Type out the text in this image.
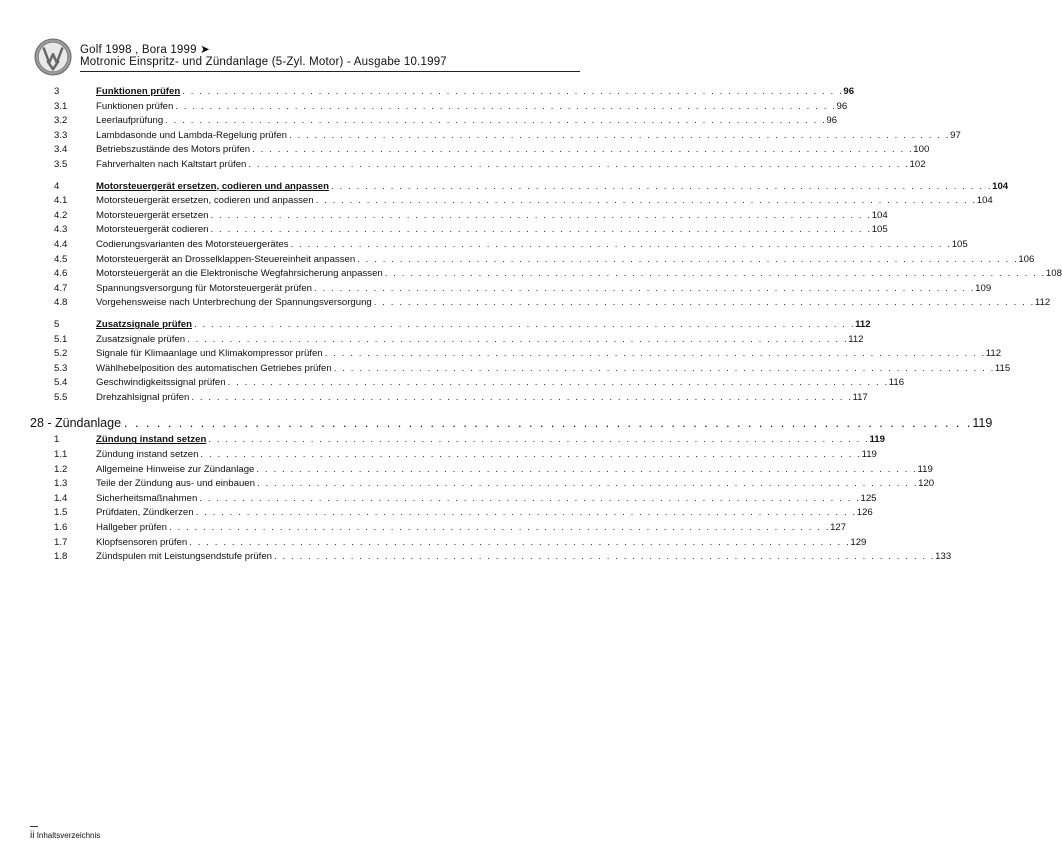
Golf 1998 , Bora 1999 ➤
Motronic Einspritz- und Zündanlage (5-Zyl. Motor) - Ausgabe 10.1997
3	Funktionen prüfen . . . . . . . . . . . . . . . . . . . . . . . . . . . . . . . . . . . . . . . . . . . . . . . . . . . . . . . . . . . . . . . . . . . . . . . . . . . . . . 96
3.1	Funktionen prüfen . . . . . . . . . . . . . . . . . . . . . . . . . . . . . . . . . . . . . . . . . . . . . . . . . . . . . . . . . . . . . . . . . . . . . . . . . . . . . . 96
3.2	Leerlaufprüfung . . . . . . . . . . . . . . . . . . . . . . . . . . . . . . . . . . . . . . . . . . . . . . . . . . . . . . . . . . . . . . . . . . . . . . . . . . . . . . 96
3.3	Lambdasonde und Lambda-Regelung prüfen . . . . . . . . . . . . . . . . . . . . . . . . . . . . . . . . . . . . . . . . . . . . . . . . . . . . . . . . . . . . . . . . . . . . . . . . . . . . . . 97
3.4	Betriebszustände des Motors prüfen . . . . . . . . . . . . . . . . . . . . . . . . . . . . . . . . . . . . . . . . . . . . . . . . . . . . . . . . . . . . . . . . . . . . . . . . . . . . . . 100
3.5	Fahrverhalten nach Kaltstart prüfen . . . . . . . . . . . . . . . . . . . . . . . . . . . . . . . . . . . . . . . . . . . . . . . . . . . . . . . . . . . . . . . . . . . . . . . . . . . . . . 102
4	Motorsteuergerät ersetzen, codieren und anpassen . . . . . . . . . . . . . . . . . . . . . . . . . . . . . . . . . . . . . . . . . . . . . . . . . . . . . . . . . . . . . . . . . . . . . . . . . . . . . . 104
4.1	Motorsteuergerät ersetzen, codieren und anpassen . . . . . . . . . . . . . . . . . . . . . . . . . . . . . . . . . . . . . . . . . . . . . . . . . . . . . . . . . . . . . . . . . . . . . . . . . . . . . . 104
4.2	Motorsteuergerät ersetzen . . . . . . . . . . . . . . . . . . . . . . . . . . . . . . . . . . . . . . . . . . . . . . . . . . . . . . . . . . . . . . . . . . . . . . . . . . . . . . 104
4.3	Motorsteuergerät codieren . . . . . . . . . . . . . . . . . . . . . . . . . . . . . . . . . . . . . . . . . . . . . . . . . . . . . . . . . . . . . . . . . . . . . . . . . . . . . . 105
4.4	Codierungsvarianten des Motorsteuergerätes . . . . . . . . . . . . . . . . . . . . . . . . . . . . . . . . . . . . . . . . . . . . . . . . . . . . . . . . . . . . . . . . . . . . . . . . . . . . . . 105
4.5	Motorsteuergerät an Drosselklappen-Steuereinheit anpassen . . . . . . . . . . . . . . . . . . . . . . . . . . . . . . . . . . . . . . . . . . . . . . . . . . . . . . . . . . . . . . . . . . . . . . . . . . . . . . 106
4.6	Motorsteuergerät an die Elektronische Wegfahrsicherung anpassen . . . . . . . . . . . . . . . . . . . . . . . . . . . . . . . . . . . . . . . . . . . . . . . . . . . . . . . . . . . . . . . . . . . . . . . . . . . . . . 108
4.7	Spannungsversorgung für Motorsteuergerät prüfen . . . . . . . . . . . . . . . . . . . . . . . . . . . . . . . . . . . . . . . . . . . . . . . . . . . . . . . . . . . . . . . . . . . . . . . . . . . . . . 109
4.8	Vorgehensweise nach Unterbrechung der Spannungsversorgung . . . . . . . . . . . . . . . . . . . . . . . . . . . . . . . . . . . . . . . . . . . . . . . . . . . . . . . . . . . . . . . . . . . . . . . . . . . . . . 112
5	Zusatzsignale prüfen . . . . . . . . . . . . . . . . . . . . . . . . . . . . . . . . . . . . . . . . . . . . . . . . . . . . . . . . . . . . . . . . . . . . . . . . . . . . . . 112
5.1	Zusatzsignale prüfen . . . . . . . . . . . . . . . . . . . . . . . . . . . . . . . . . . . . . . . . . . . . . . . . . . . . . . . . . . . . . . . . . . . . . . . . . . . . . . 112
5.2	Signale für Klimaanlage und Klimakompressor prüfen . . . . . . . . . . . . . . . . . . . . . . . . . . . . . . . . . . . . . . . . . . . . . . . . . . . . . . . . . . . . . . . . . . . . . . . . . . . . . . 112
5.3	Wählhebelposition des automatischen Getriebes prüfen . . . . . . . . . . . . . . . . . . . . . . . . . . . . . . . . . . . . . . . . . . . . . . . . . . . . . . . . . . . . . . . . . . . . . . . . . . . . . . 115
5.4	Geschwindigkeitssignal prüfen . . . . . . . . . . . . . . . . . . . . . . . . . . . . . . . . . . . . . . . . . . . . . . . . . . . . . . . . . . . . . . . . . . . . . . . . . . . . . . 116
5.5	Drehzahlsignal prüfen . . . . . . . . . . . . . . . . . . . . . . . . . . . . . . . . . . . . . . . . . . . . . . . . . . . . . . . . . . . . . . . . . . . . . . . . . . . . . . 117
28 - Zündanlage . . . . . . . . . . . . . . . . . . . . . . . . . . . . . . . . . . . . . . . . . . . . . . . . . . . . . . . . . . . . . . . . . . . . . . . . . . . . . . 119
1	Zündung instand setzen . . . . . . . . . . . . . . . . . . . . . . . . . . . . . . . . . . . . . . . . . . . . . . . . . . . . . . . . . . . . . . . . . . . . . . . . . . . . . . 119
1.1	Zündung instand setzen . . . . . . . . . . . . . . . . . . . . . . . . . . . . . . . . . . . . . . . . . . . . . . . . . . . . . . . . . . . . . . . . . . . . . . . . . . . . . . 119
1.2	Allgemeine Hinweise zur Zündanlage . . . . . . . . . . . . . . . . . . . . . . . . . . . . . . . . . . . . . . . . . . . . . . . . . . . . . . . . . . . . . . . . . . . . . . . . . . . . . . 119
1.3	Teile der Zündung aus- und einbauen . . . . . . . . . . . . . . . . . . . . . . . . . . . . . . . . . . . . . . . . . . . . . . . . . . . . . . . . . . . . . . . . . . . . . . . . . . . . . . 120
1.4	Sicherheitsmaßnahmen . . . . . . . . . . . . . . . . . . . . . . . . . . . . . . . . . . . . . . . . . . . . . . . . . . . . . . . . . . . . . . . . . . . . . . . . . . . . . . 125
1.5	Prüfdaten, Zündkerzen . . . . . . . . . . . . . . . . . . . . . . . . . . . . . . . . . . . . . . . . . . . . . . . . . . . . . . . . . . . . . . . . . . . . . . . . . . . . . . 126
1.6	Hallgeber prüfen . . . . . . . . . . . . . . . . . . . . . . . . . . . . . . . . . . . . . . . . . . . . . . . . . . . . . . . . . . . . . . . . . . . . . . . . . . . . . . 127
1.7	Klopfsensoren prüfen . . . . . . . . . . . . . . . . . . . . . . . . . . . . . . . . . . . . . . . . . . . . . . . . . . . . . . . . . . . . . . . . . . . . . . . . . . . . . . 129
1.8	Zündspulen mit Leistungsendstufe prüfen . . . . . . . . . . . . . . . . . . . . . . . . . . . . . . . . . . . . . . . . . . . . . . . . . . . . . . . . . . . . . . . . . . . . . . . . . . . . . . 133
ii Inhaltsverzeichnis
